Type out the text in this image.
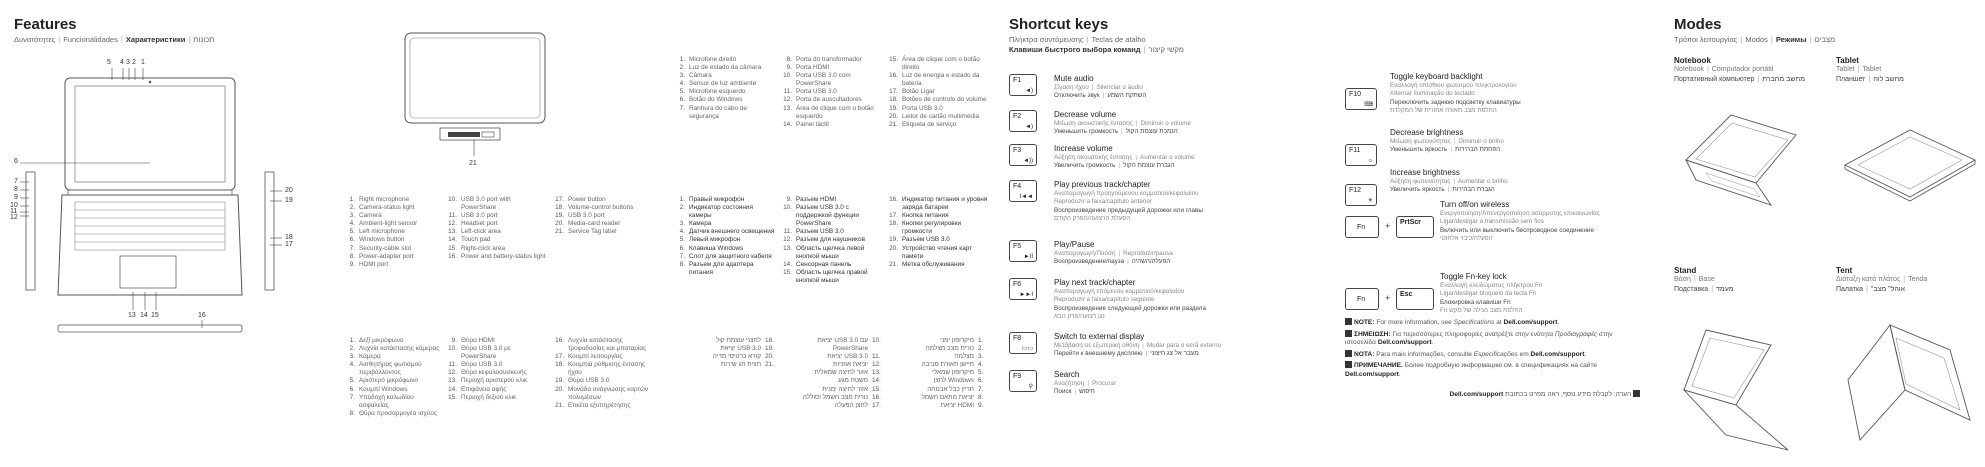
Features
Δυνατότητες | Funcionalidades | Характеристики | תכונות
5 4 3 2 1
6
7
8
9
10
11
12
20
19
18
17
13 14 15	16
21
1. Right microphone
2. Camera-status light
3. Camera
4. Ambient-light sensor
5. Left microphone
6. Windows button
7. Security-cable slot
8. Power-adapter port
9. HDMI port
10. USB 3.0 port with PowerShare
11. USB 3.0 port
12. Headset port
13. Left-click area
14. Touch pad
15. Right-click area
16. Power and battery-status light
17. Power button
18. Volume-control buttons
19. USB 3.0 port
20. Media-card reader
21. Service Tag label
1. Δεξί μικρόφωνο
2. Λυχνία κατάστασης κάμερας
3. Κάμερα
4. Αισθητήρας φωτισμού περιβάλλοντος
5. Αριστερό μικρόφωνο
6. Κουμπί Windows
7. Υποδοχή καλωδίου ασφαλείας
8. Θύρα προσαρμογέα ισχύος
9. Θύρα HDMI
10. Θύρα USB 3.0 με PowerShare
11. Θύρα USB 3.0
12. Θύρα κεφαλοσυσκευής
13. Περιοχή αριστερού κλικ
14. Επιφάνεια αφής
15. Περιοχή δεξιού κλικ
16. Λυχνία κατάστασης τροφοδοσίας και μπαταρίας
17. Κουμπί λειτουργίας
18. Κουμπιά ρύθμισης έντασης ήχου
19. Θύρα USB 3.0
20. Μονάδα ανάγνωσης καρτών πολυμέσων
21. Ετικέτα εξυπηρέτησης
1. Microfone direito
2. Luz de estado da câmara
3. Câmara
4. Sensor de luz ambiente
5. Microfone esquerdo
6. Botão do Windows
7. Ranhura do cabo de segurança
8. Porta do transformador
9. Porta HDMI
10. Porta USB 3.0 com PowerShare
11. Porta USB 3.0
12. Porta de auscultadores
13. Área de clique com o botão esquerdo
14. Painel táctil
15. Área de clique com o botão direito
16. Luz de energia e estado da bateria
17. Botão Ligar
18. Botões de controlo do volume
19. Porta USB 3.0
20. Leitor de cartão multimédia
21. Etiqueta de serviço
1. Правый микрофон
2. Индикатор состояния камеры
3. Камера
4. Датчик внешнего освещения
5. Левый микрофон
6. Клавиша Windows
7. Слот для защитного кабеля
8. Разъем для адаптера питания
9. Разъем HDMI
10. Разъем USB 3.0 с поддержкой функции PowerShare
11. Разъем USB 3.0
12. Разъем для наушников
13. Область щелчка левой кнопкой мыши
14. Сенсорная панель
15. Область щелчка правой кнопкой мыши
16. Индикатор питания и уровня заряда батареи
17. Кнопка питания
18. Кнопки регулировки громкости
19. Разъем USB 3.0
20. Устройство чтения карт памяти
21. Метка обслуживания
18.
לחצני עוצמת קול
19.
יציאת USB 3.0
20.
קורא כרטיסי מדיה
21.
תווית תג שירות
10.
יציאת USB 3.0 עם PowerShare
11.
יציאת USB 3.0
12.
יציאת אוזניות
13.
אזור לחיצה שמאלית
14.
משטח מגע
15.
אזור לחיצה ימנית
16.
נורית מצב חשמל וסוללה
17.
לחצן הפעלה
1.
מיקרופון ימני
2.
נורית מצב מצלמה
3.
מצלמה
4.
חיישן תאורת סביבה
5.
מיקרופון שמאלי
6.
לחצן Windows
7.
חריץ כבל אבטחה
8.
יציאת מתאם חשמל
9.
יציאת HDMI
Shortcut keys
Πλήκτρα συντόμευσης | Teclas de atalho
Клавиши быстрого выбора команд | מקשי קיצור
F1
◄)
Mute audio
Σίγαση ήχου | Silenciar o áudio
Отключить звук | השתקת השמע
F2
◄)
Decrease volume
Μείωση ακουστικής έντασης | Diminuir o volume
Уменьшить громкость | הנמכת עוצמת הקול
F3
◄))
Increase volume
Αύξηση ακουστικής έντασης | Aumentar o volume
Увеличить громкость | הגברת עוצמת הקול
F4
I◄◄
Play previous track/chapter
Αναπαραγωγή προηγούμενου κομματιού/κεφαλαίου
Reproduzir a faixa/capítulo anterior
Воспроизведение предыдущей дорожки или главы
הפעלת הרצועה/הפרק הקודם
F5
►II
Play/Pause
Αναπαραγωγή/Παύση | Reproduzir/pausa
Воспроизведение/пауза | הפעלה/השהיה
F6
►►I
Play next track/chapter
Αναπαραγωγή επόμενου κομματιού/κεφαλαίου
Reproduzir a faixa/capítulo seguinte
Воспроизведение следующей дорожки или раздела
נגן רצועה/פרק הבא
F8
▭▭
Switch to external display
Μετάβαση σε εξωτερική οθόνη | Mudar para o ecrã externo
Перейти к внешнему дисплею | מעבר אל צג חיצוני
F9
⚲
Search
Αναζήτηση | Procurar
Поиск | חיפוש
F10
⌨
Toggle keyboard backlight
Εναλλαγή οπίσθιου φωτισμού πληκτρολογίου
Alternar iluminação do teclado
Переключить заднюю подсветку клавиатуры
החלפת מצב תאורה אחורית של המקלדת
F11
☼
Decrease brightness
Μείωση φωτεινότητας | Diminuir o brilho
Уменьшить яркость | הפחתת הבהירות
F12
☀
Increase brightness
Αύξηση φωτεινότητας | Aumentar o brilho
Увеличить яркость | הגברת הבהירות
Fn + PrtScr
Turn off/on wireless
Ενεργοποίηση/Απενεργοποίηση ασύρματης επικοινωνίας
Ligar/desligar a transmissão sem fios
Включить или выключить беспроводное соединение
הפעלה/כיבוי אלחוטי
Fn + Esc
Toggle Fn-key lock
Εναλλαγή κλειδώματος πλήκτρου Fn
Ligar/desligar bloqueio da tecla Fn
Блокировка клавиши Fn
Fn החלפת מצב נעילה של מקש
NOTE: For more information, see Specifications at Dell.com/support.
ΣΗΜΕΙΩΣΗ: Για περισσότερες πληροφορίες ανατρέξτε στην ενότητα Προδιαγραφές στην ιστοσελίδα Dell.com/support.
NOTA: Para mais informações, consulte Especificações em Dell.com/support.
ПРИМЕЧАНИЕ. Более подробную информацию см. в спецификациях на сайте Dell.com/support.
Dell.com/support הערה: לקבלת מידע נוסף, ראה מפרט בכתובת
Modes
Τρόποι λειτουργίας | Modos | Режимы | מצבים
Notebook
Notebook | Computador portátil
Портативный компьютер | מחשב מחברת
Tablet
Tablet | Tablet
Планшет | מחשב לוח
Stand
Βάση | Base
Подставка | מעמד
Tent
Διάταξη κατά πλάτος | Tenda
Палатка | "אוהל" מצב
